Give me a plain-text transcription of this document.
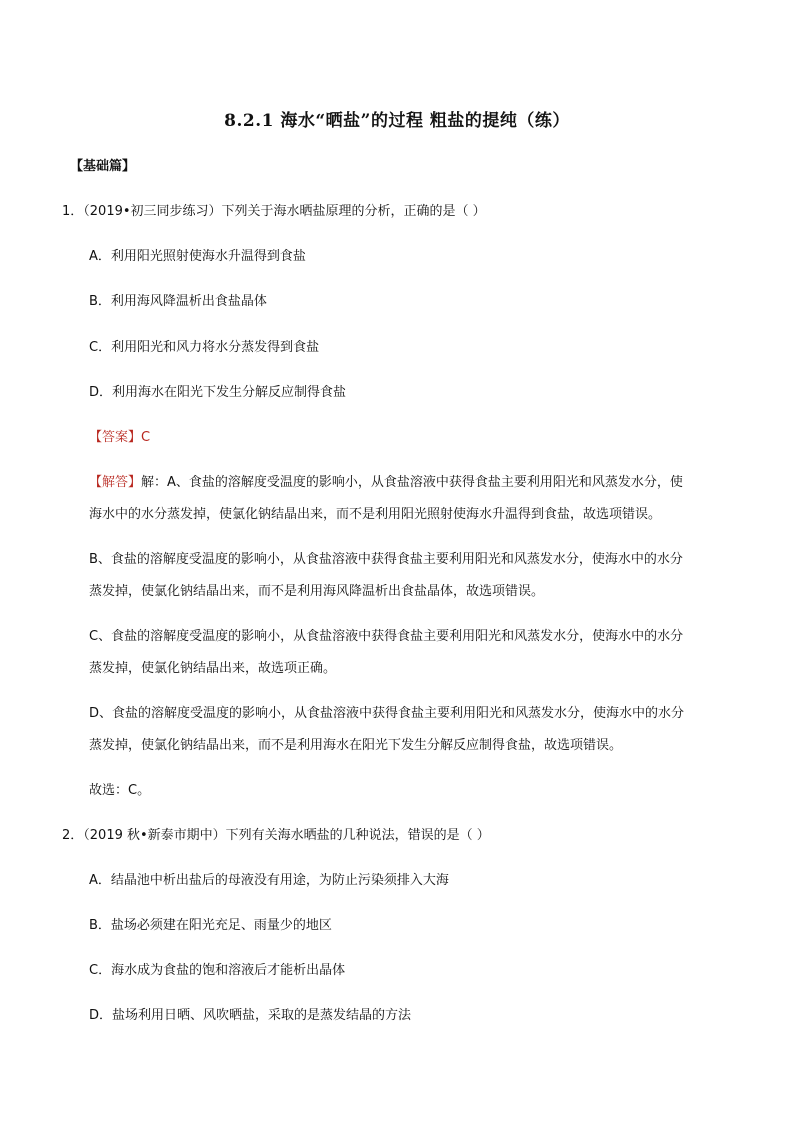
8.2.1 海水“晒盐”的过程 粗盐的提纯（练）
【基础篇】
1．（2019•初三同步练习）下列关于海水晒盐原理的分析，正确的是（ ）
A．利用阳光照射使海水升温得到食盐
B．利用海风降温析出食盐晶体
C．利用阳光和风力将水分蒸发得到食盐
D．利用海水在阳光下发生分解反应制得食盐
【答案】C
【解答】解：A、食盐的溶解度受温度的影响小，从食盐溶液中获得食盐主要利用阳光和风蒸发水分，使
海水中的水分蒸发掉，使氯化钠结晶出来，而不是利用阳光照射使海水升温得到食盐，故选项错误。
B、食盐的溶解度受温度的影响小，从食盐溶液中获得食盐主要利用阳光和风蒸发水分，使海水中的水分
蒸发掉，使氯化钠结晶出来，而不是利用海风降温析出食盐晶体，故选项错误。
C、食盐的溶解度受温度的影响小，从食盐溶液中获得食盐主要利用阳光和风蒸发水分，使海水中的水分
蒸发掉，使氯化钠结晶出来，故选项正确。
D、食盐的溶解度受温度的影响小，从食盐溶液中获得食盐主要利用阳光和风蒸发水分，使海水中的水分
蒸发掉，使氯化钠结晶出来，而不是利用海水在阳光下发生分解反应制得食盐，故选项错误。
故选：C。
2．（2019 秋•新泰市期中）下列有关海水晒盐的几种说法，错误的是（ ）
A．结晶池中析出盐后的母液没有用途，为防止污染须排入大海
B．盐场必须建在阳光充足、雨量少的地区
C．海水成为食盐的饱和溶液后才能析出晶体
D．盐场利用日晒、风吹晒盐，采取的是蒸发结晶的方法
